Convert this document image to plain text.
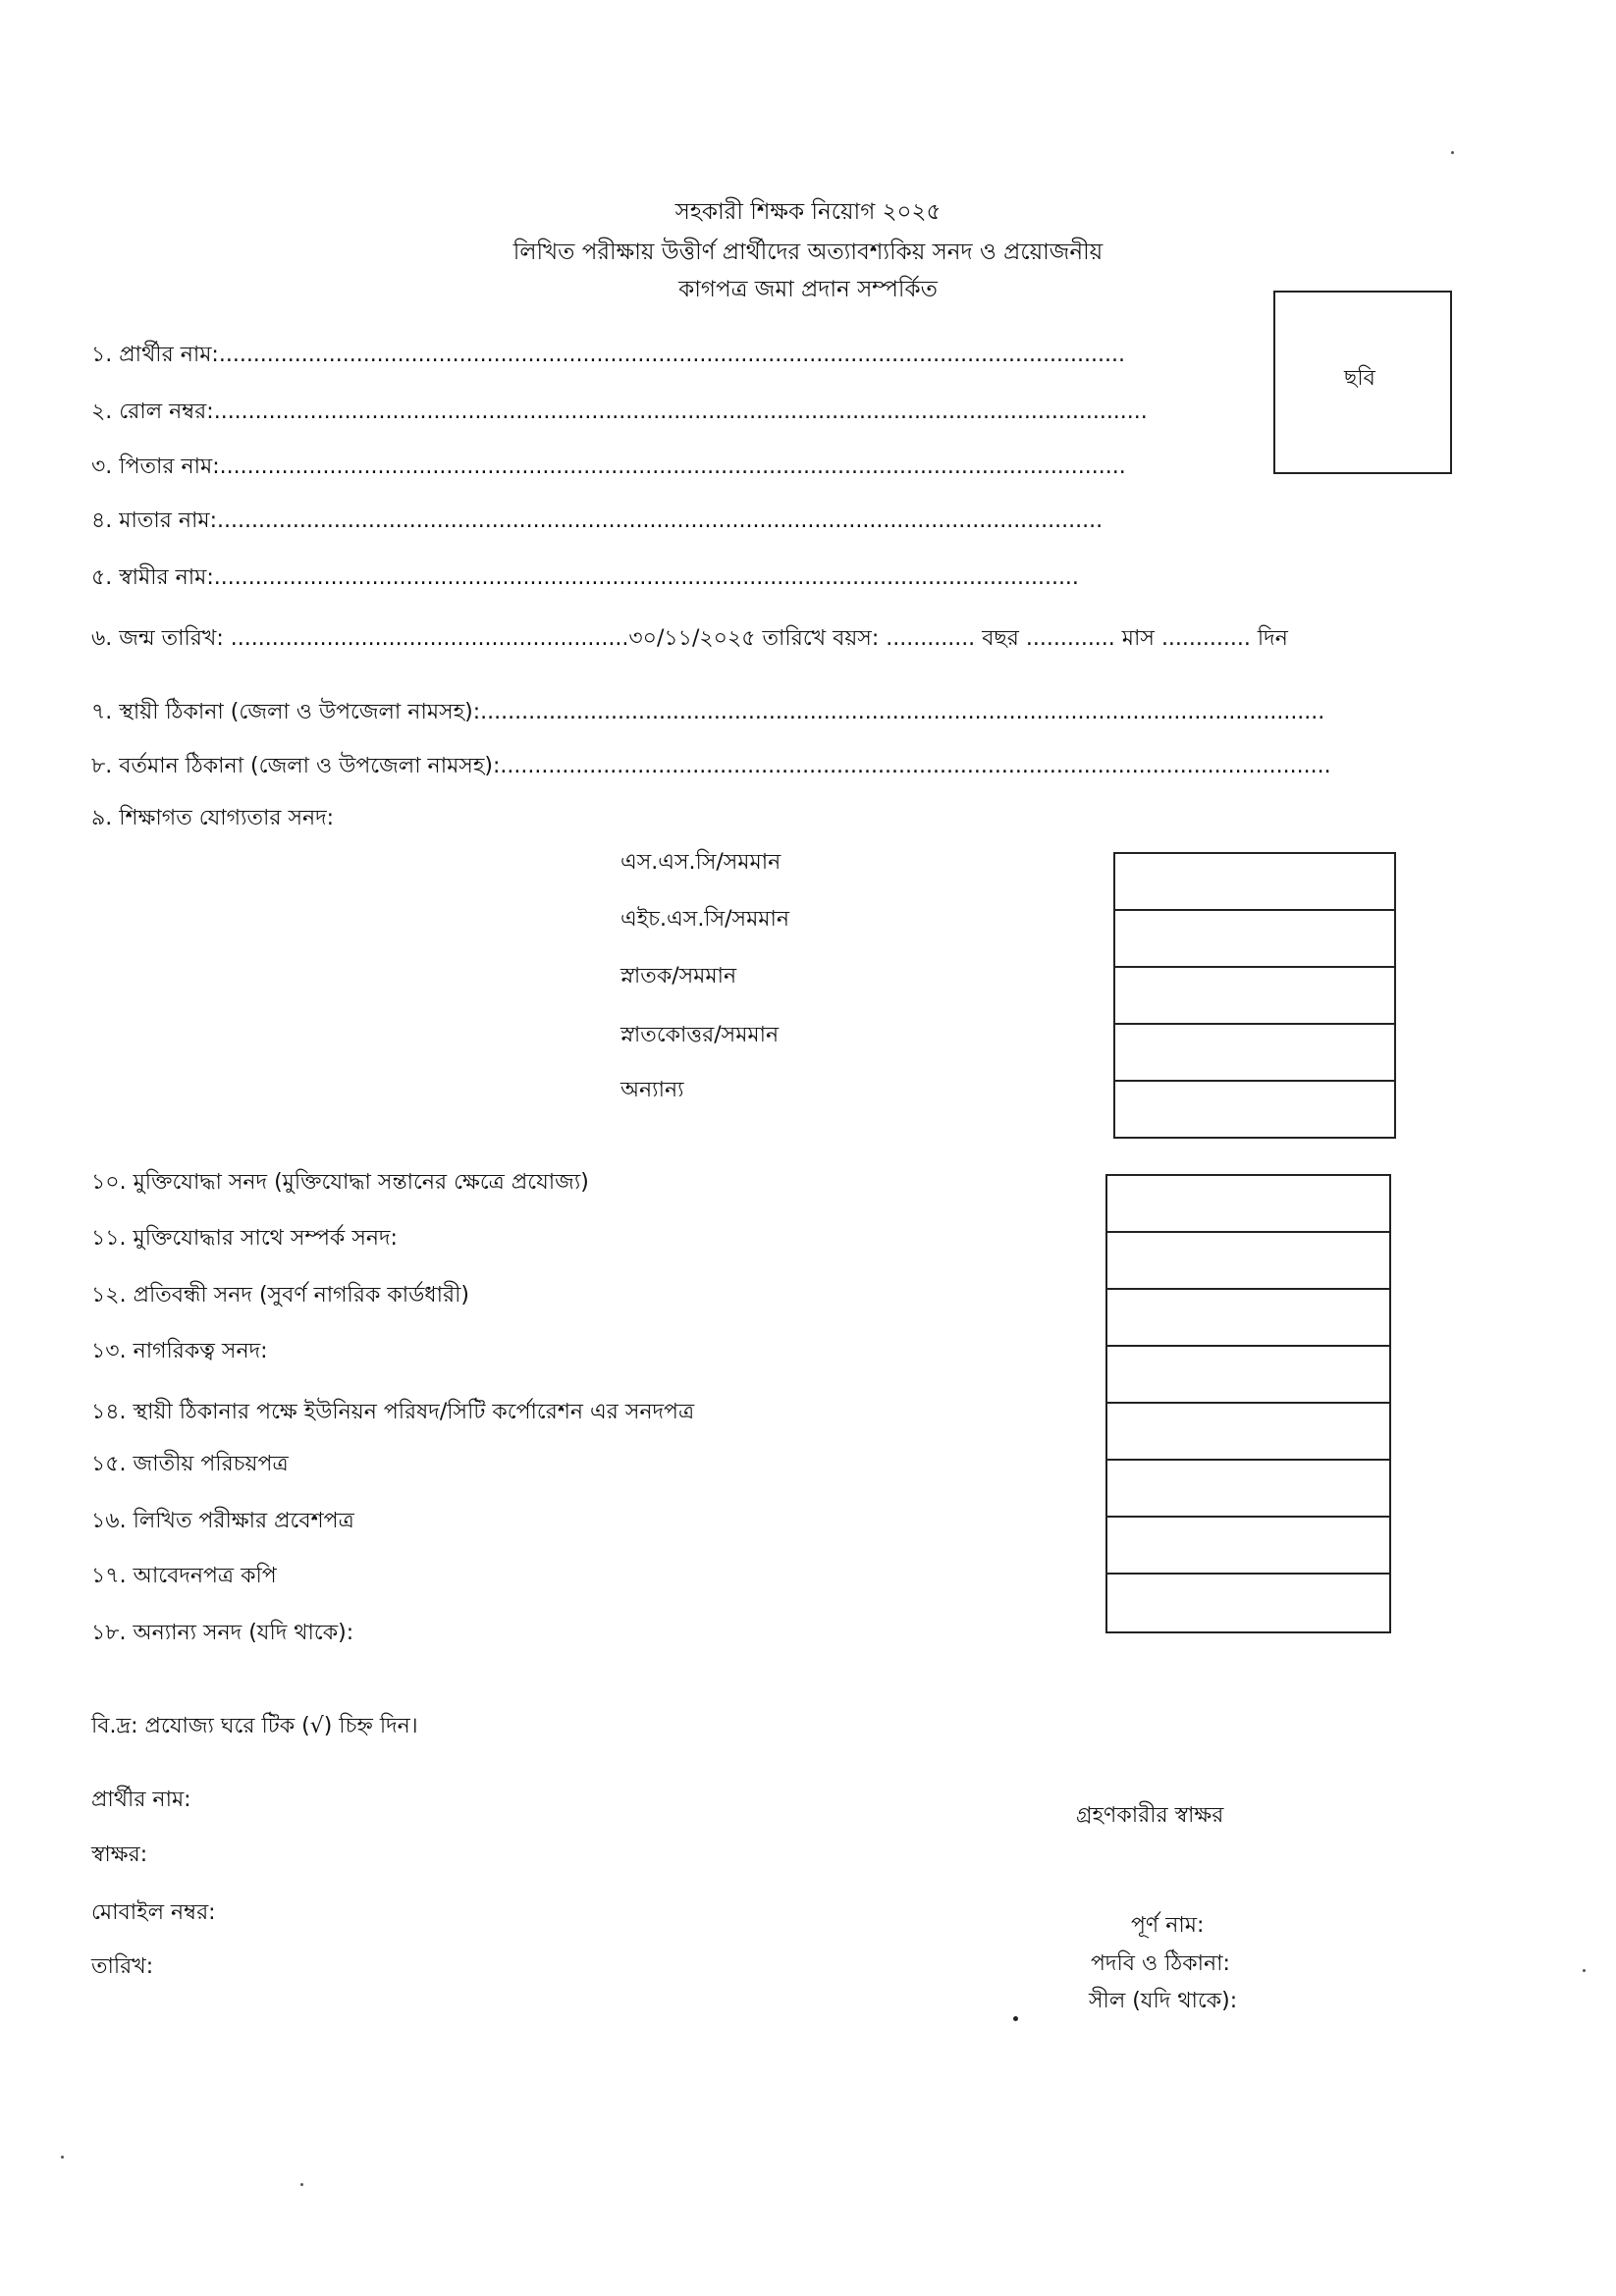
সহকারী শিক্ষক নিয়োগ ২০২৫
লিখিত পরীক্ষায় উত্তীর্ণ প্রার্থীদের অত্যাবশ্যকিয় সনদ ও প্রয়োজনীয়
কাগপত্র জমা প্রদান সম্পর্কিত
ছবি
১. প্রার্থীর নাম:....................................................................................................................................
২. রোল নম্বর:........................................................................................................................................
৩. পিতার নাম:....................................................................................................................................
৪. মাতার নাম:.................................................................................................................................
৫. স্বামীর নাম:..............................................................................................................................
৬. জন্ম তারিখ: ..........................................................৩০/১১/২০২৫ তারিখে বয়স: ............. বছর ............. মাস ............. দিন
৭. স্থায়ী ঠিকানা (জেলা ও উপজেলা নামসহ):...........................................................................................................................
৮. বর্তমান ঠিকানা (জেলা ও উপজেলা নামসহ):.........................................................................................................................
৯. শিক্ষাগত যোগ্যতার সনদ:
এস.এস.সি/সমমান
এইচ.এস.সি/সমমান
স্নাতক/সমমান
স্নাতকোত্তর/সমমান
অন্যান্য
১০. মুক্তিযোদ্ধা সনদ (মুক্তিযোদ্ধা সন্তানের ক্ষেত্রে প্রযোজ্য)
১১. মুক্তিযোদ্ধার সাথে সম্পর্ক সনদ:
১২. প্রতিবন্ধী সনদ (সুবর্ণ নাগরিক কার্ডধারী)
১৩. নাগরিকত্ব সনদ:
১৪. স্থায়ী ঠিকানার পক্ষে ইউনিয়ন পরিষদ/সিটি কর্পোরেশন এর সনদপত্র
১৫. জাতীয় পরিচয়পত্র
১৬. লিখিত পরীক্ষার প্রবেশপত্র
১৭. আবেদনপত্র কপি
১৮. অন্যান্য সনদ (যদি থাকে):
বি.দ্র: প্রযোজ্য ঘরে টিক (√) চিহ্ন দিন।
প্রার্থীর নাম:
স্বাক্ষর:
মোবাইল নম্বর:
তারিখ:
গ্রহণকারীর স্বাক্ষর
পূর্ণ নাম:
পদবি ও ঠিকানা:
সীল (যদি থাকে):
